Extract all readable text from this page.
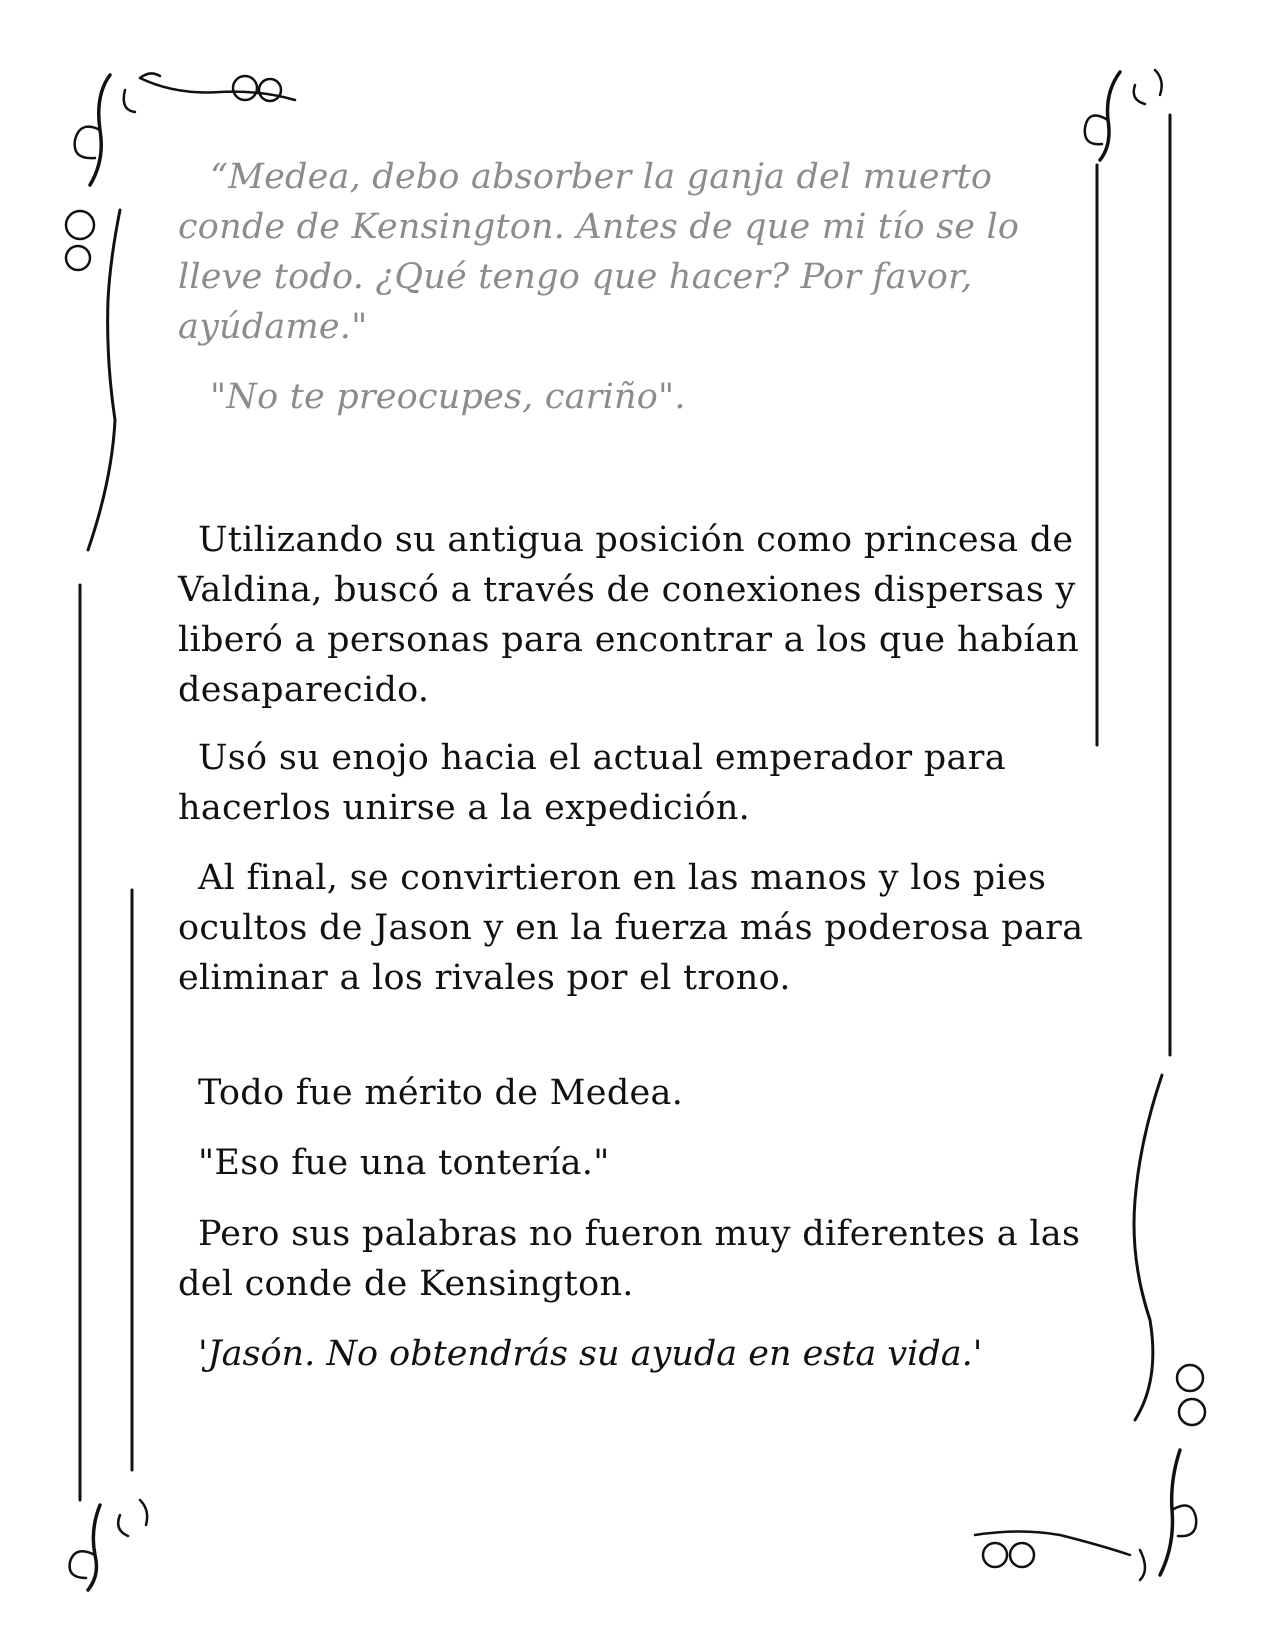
“Medea, debo absorber la ganja del muerto conde de Kensington. Antes de que mi tío se lo lleve todo. ¿Qué tengo que hacer? Por favor, ayúdame."

"No te preocupes, cariño".

Utilizando su antigua posición como princesa de Valdina, buscó a través de conexiones dispersas y liberó a personas para encontrar a los que habían desaparecido.

Usó su enojo hacia el actual emperador para hacerlos unirse a la expedición.

Al final, se convirtieron en las manos y los pies ocultos de Jason y en la fuerza más poderosa para eliminar a los rivales por el trono.

Todo fue mérito de Medea.

"Eso fue una tontería."

Pero sus palabras no fueron muy diferentes a las del conde de Kensington.

'Jasón. No obtendrás su ayuda en esta vida.'
